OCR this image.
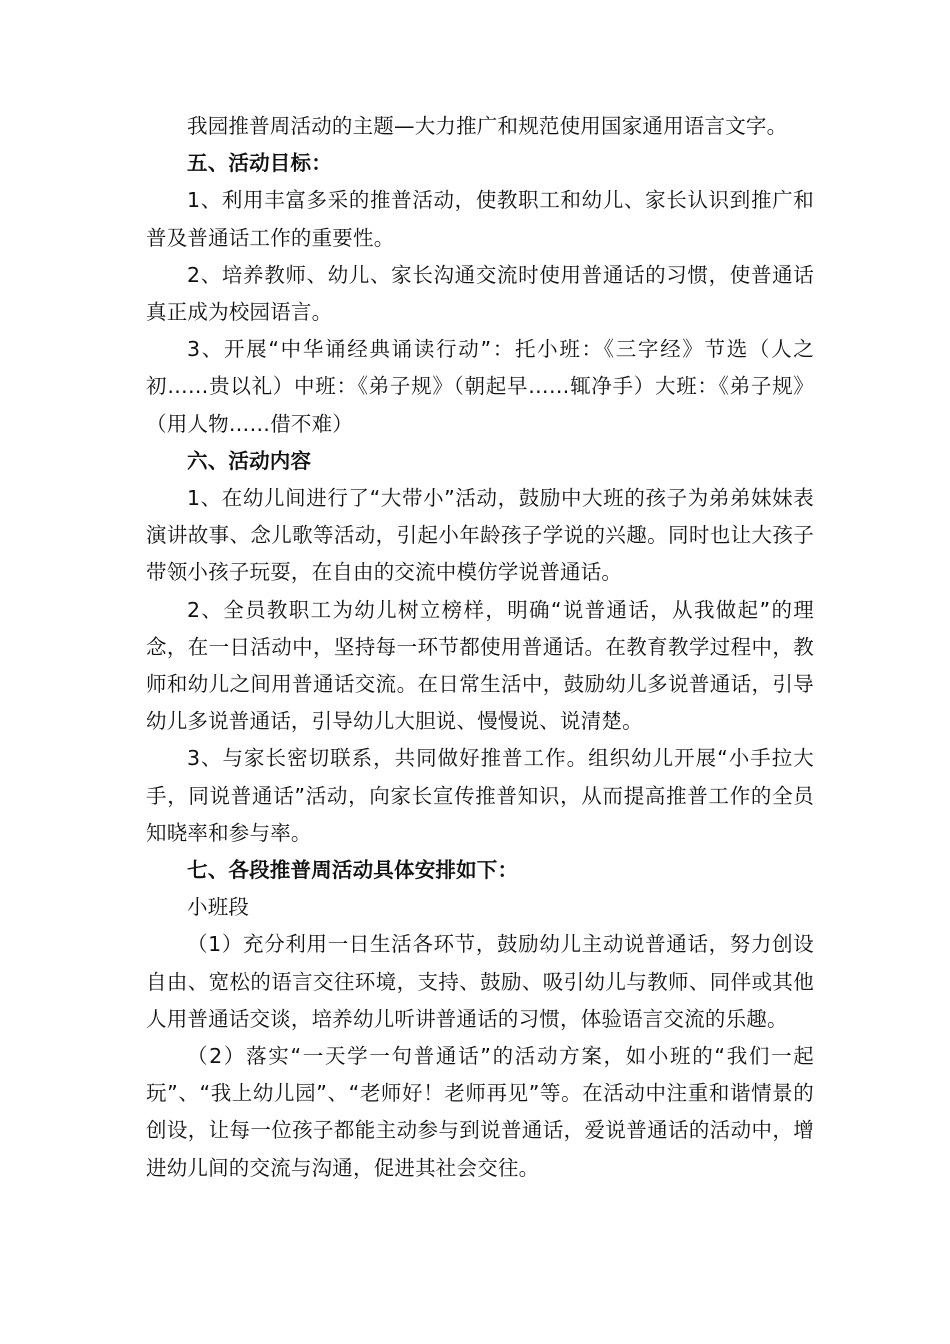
我园推普周活动的主题—大力推广和规范使用国家通用语言文字。

五、活动目标：

1、利用丰富多采的推普活动，使教职工和幼儿、家长认识到推广和普及普通话工作的重要性。

2、培养教师、幼儿、家长沟通交流时使用普通话的习惯，使普通话真正成为校园语言。

3、开展“中华诵经典诵读行动”：托小班：《三字经》节选（人之初……贵以礼）中班：《弟子规》（朝起早……辄净手）大班：《弟子规》（用人物……借不难）

六、活动内容

1、在幼儿间进行了“大带小”活动，鼓励中大班的孩子为弟弟妹妹表演讲故事、念儿歌等活动，引起小年龄孩子学说的兴趣。同时也让大孩子带领小孩子玩耍，在自由的交流中模仿学说普通话。

2、全员教职工为幼儿树立榜样，明确“说普通话，从我做起”的理念，在一日活动中，坚持每一环节都使用普通话。在教育教学过程中，教师和幼儿之间用普通话交流。在日常生活中，鼓励幼儿多说普通话，引导幼儿多说普通话，引导幼儿大胆说、慢慢说、说清楚。

3、与家长密切联系，共同做好推普工作。组织幼儿开展“小手拉大手，同说普通话”活动，向家长宣传推普知识，从而提高推普工作的全员知晓率和参与率。

七、各段推普周活动具体安排如下：

小班段

（1）充分利用一日生活各环节，鼓励幼儿主动说普通话，努力创设自由、宽松的语言交往环境，支持、鼓励、吸引幼儿与教师、同伴或其他人用普通话交谈，培养幼儿听讲普通话的习惯，体验语言交流的乐趣。

（2）落实“一天学一句普通话”的活动方案，如小班的“我们一起玩”、“我上幼儿园”、“老师好！老师再见”等。在活动中注重和谐情景的创设，让每一位孩子都能主动参与到说普通话，爱说普通话的活动中，增进幼儿间的交流与沟通，促进其社会交往。
